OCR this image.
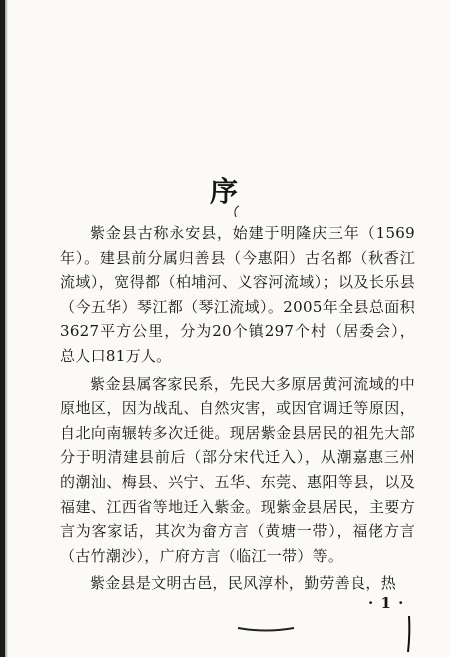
序

紫金县古称永安县，始建于明隆庆三年（1569年）。建县前分属归善县（今惠阳）古名都（秋香江流域），宽得都（柏埔河、义容河流域）；以及长乐县（今五华）琴江都（琴江流域）。2005年全县总面积3627平方公里，分为20个镇297个村（居委会），总人口81万人。

紫金县属客家民系，先民大多原居黄河流域的中原地区，因为战乱、自然灾害，或因官调迁等原因，自北向南辗转多次迁徙。现居紫金县居民的祖先大部分于明清建县前后（部分宋代迁入），从潮嘉惠三州的潮汕、梅县、兴宁、五华、东莞、惠阳等县，以及福建、江西省等地迁入紫金。现紫金县居民，主要方言为客家话，其次为畲方言（黄塘一带），福佬方言（古竹潮沙），广府方言（临江一带）等。

紫金县是文明古邑，民风淳朴，勤劳善良，热

· 1 ·
